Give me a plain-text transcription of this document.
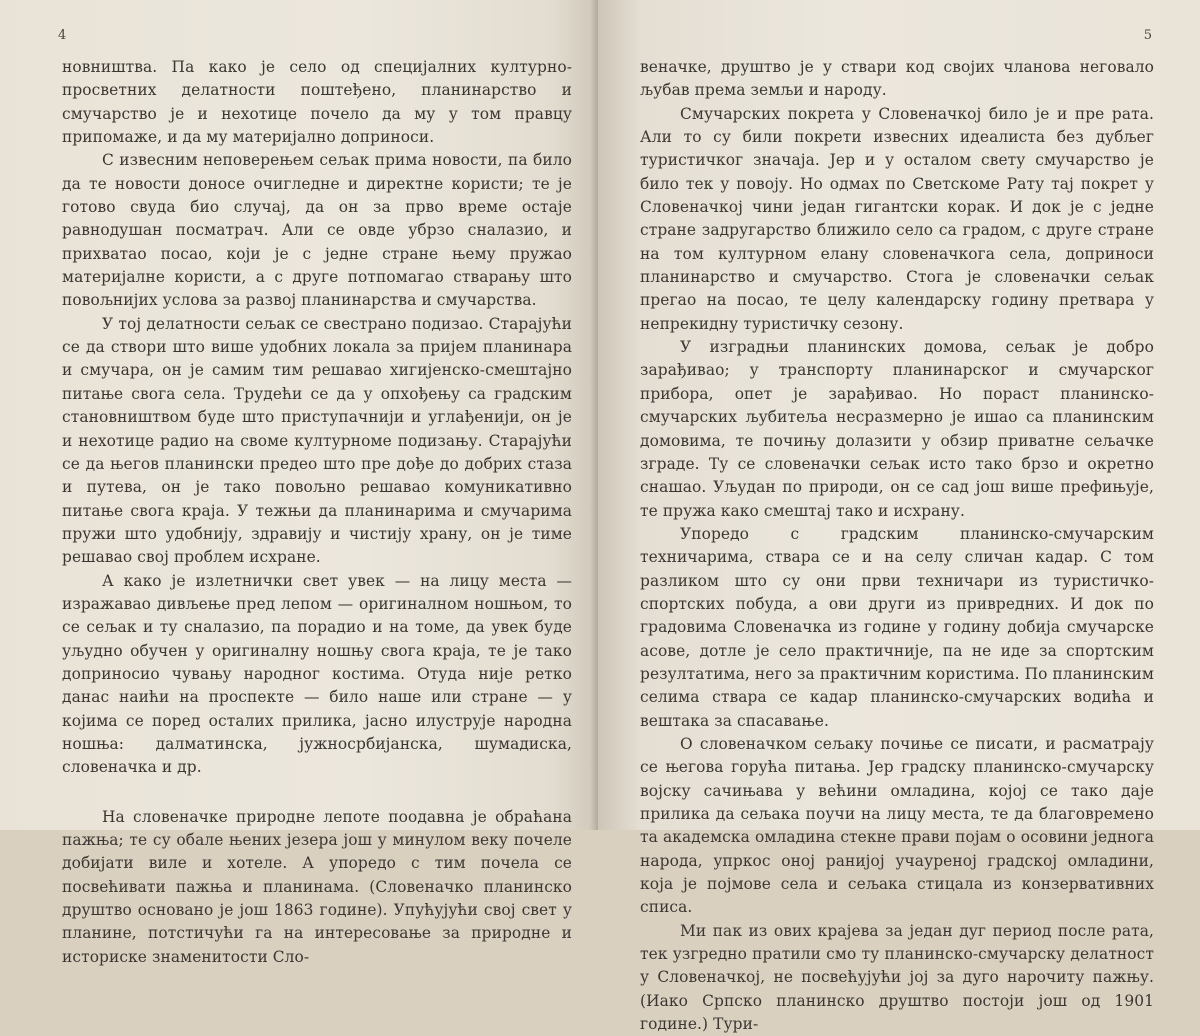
4

новништва. Па како је село од специјалних културно-просветних делатности поштеђено, планинарство и смучарство је и нехотице почело да му у том правцу припомаже, и да му материјално доприноси.

С извесним неповерењем сељак прима новости, па било да те новости доносе очигледне и директне користи; те је готово свуда био случај, да он за прво време остаје равнодушан посматрач. Али се овде убрзо сналазио, и прихватао посао, који је с једне стране њему пружао материјалне користи, а с друге потпомагао стварању што повољнијих услова за развој планинарства и смучарства.

У тој делатности сељак се свестрано подизао. Старајући се да створи што више удобних локала за пријем планинара и смучара, он је самим тим решавао хигијенско-смештајно питање свога села. Трудећи се да у опхођењу са градским становништвом буде што приступачнији и углађенији, он је и нехотице радио на своме културноме подизању. Старајући се да његов планински предео што пре дође до добрих стаза и путева, он је тако повољно решавао комуникативно питање свога краја. У тежњи да планинарима и смучарима пружи што удобнију, здравију и чистију храну, он је тиме решавао свој проблем исхране.

А како је излетнички свет увек — на лицу места — изражавао дивљење пред лепом — оригиналном ношњом, то се сељак и ту сналазио, па порадио и на томе, да увек буде уљудно обучен у оригиналну ношњу свога краја, те је тако доприносио чувању народног костима. Отуда није ретко данас наићи на проспекте — било наше или стране — у којима се поред осталих прилика, јасно илуструје народна ношња: далматинска, јужносрбијанска, шумадиска, словеначка и др.

На словеначке природне лепоте поодавна је обраћана пажња; те су обале њених језера још у минулом веку почеле добијати виле и хотеле. А упоредо с тим почела се посвећивати пажња и планинама. (Словеначко планинско друштво основано је још 1863 године). Упућујући свој свет у планине, потстичући га на интересовање за природне и историске знаменитости Сло-

5

веначке, друштво је у ствари код својих чланова неговало љубав према земљи и народу.

Смучарских покрета у Словеначкој било је и пре рата. Али то су били покрети извесних идеалиста без дубљег туристичког значаја. Јер и у осталом свету смучарство је било тек у повоју. Но одмах по Светскоме Рату тај покрет у Словеначкој чини један гигантски корак. И док је с једне стране задругарство ближило село са градом, с друге стране на том културном елану словеначкога села, доприноси планинарство и смучарство. Стога је словеначки сељак прегао на посао, те целу календарску годину претвара у непрекидну туристичку сезону.

У изградњи планинских домова, сељак је добро зарађивао; у транспорту планинарског и смучарског прибора, опет је зарађивао. Но пораст планинско-смучарских љубитеља несразмерно је ишао са планинским домовима, те почињу долазити у обзир приватне сељачке зграде. Ту се словеначки сељак исто тако брзо и окретно снашао. Уљудан по природи, он се сад још више префињује, те пружа како смештај тако и исхрану.

Упоредо с градским планинско-смучарским техничарима, ствара се и на селу сличан кадар. С том разликом што су они први техничари из туристичко-спортских побуда, а ови други из привредних. И док по градовима Словеначка из године у годину добија смучарске асове, дотле је село практичније, па не иде за спортским резултатима, него за практичним користима. По планинским селима ствара се кадар планинско-смучарских водића и вештака за спасавање.

О словеначком сељаку почиње се писати, и расматрају се његова горућа питања. Јер градску планинско-смучарску војску сачињава у већини омладина, којој се тако даје прилика да сељака поучи на лицу места, те да благовремено та академска омладина стекне прави појам о осовини једнога народа, упркос оној ранијој учауреној градској омладини, која је појмове села и сељака стицала из конзервативних списа.

Ми пак из ових крајева за један дуг период после рата, тек узгредно пратили смо ту планинско-смучарску делатност у Словеначкој, не посвећујући јој за дуго нарочиту пажњу. (Иако Српско планинско друштво постоји још од 1901 године.) Тури-
